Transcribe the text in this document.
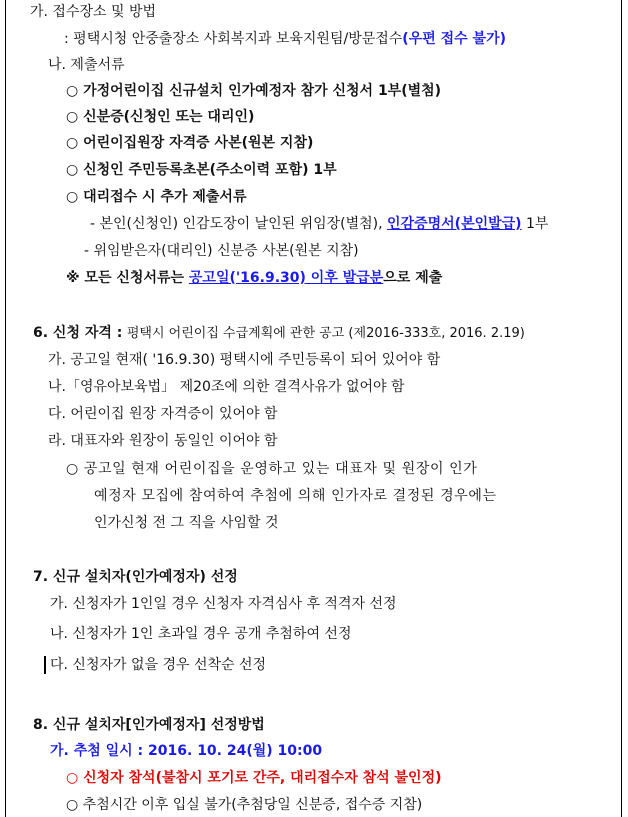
가. 접수장소 및 방법
: 평택시청 안중출장소 사회복지과 보육지원팀/방문접수(우편 접수 불가)
나. 제출서류
○ 가정어린이집 신규설치 인가예정자 참가 신청서 1부(별첨)
○ 신분증(신청인 또는 대리인)
○ 어린이집원장 자격증 사본(원본 지참)
○ 신청인 주민등록초본(주소이력 포함) 1부
○ 대리접수 시 추가 제출서류
- 본인(신청인) 인감도장이 날인된 위임장(별첨), 인감증명서(본인발급) 1부
- 위임받은자(대리인) 신분증 사본(원본 지참)
※ 모든 신청서류는 공고일('16.9.30) 이후 발급분으로 제출
6. 신청 자격 : 평택시 어린이집 수급계획에 관한 공고 (제2016-333호, 2016. 2.19)
가. 공고일 현재( '16.9.30) 평택시에 주민등록이 되어 있어야 함
나.「영유아보육법」 제20조에 의한 결격사유가 없어야 함
다. 어린이집 원장 자격증이 있어야 함
라. 대표자와 원장이 동일인 이어야 함
○ 공고일 현재 어린이집을 운영하고 있는 대표자 및 원장이 인가
예정자 모집에 참여하여 추첨에 의해 인가자로 결정된 경우에는
인가신청 전 그 직을 사임할 것
7. 신규 설치자(인가예정자) 선정
가. 신청자가 1인일 경우 신청자 자격심사 후 적격자 선정
나. 신청자가 1인 초과일 경우 공개 추첨하여 선정
다. 신청자가 없을 경우 선착순 선정
8. 신규 설치자[인가예정자] 선정방법
가. 추첨 일시 : 2016. 10. 24(월) 10:00
○ 신청자 참석(불참시 포기로 간주, 대리접수자 참석 불인정)
○ 추첨시간 이후 입실 불가(추첨당일 신분증, 접수증 지참)
